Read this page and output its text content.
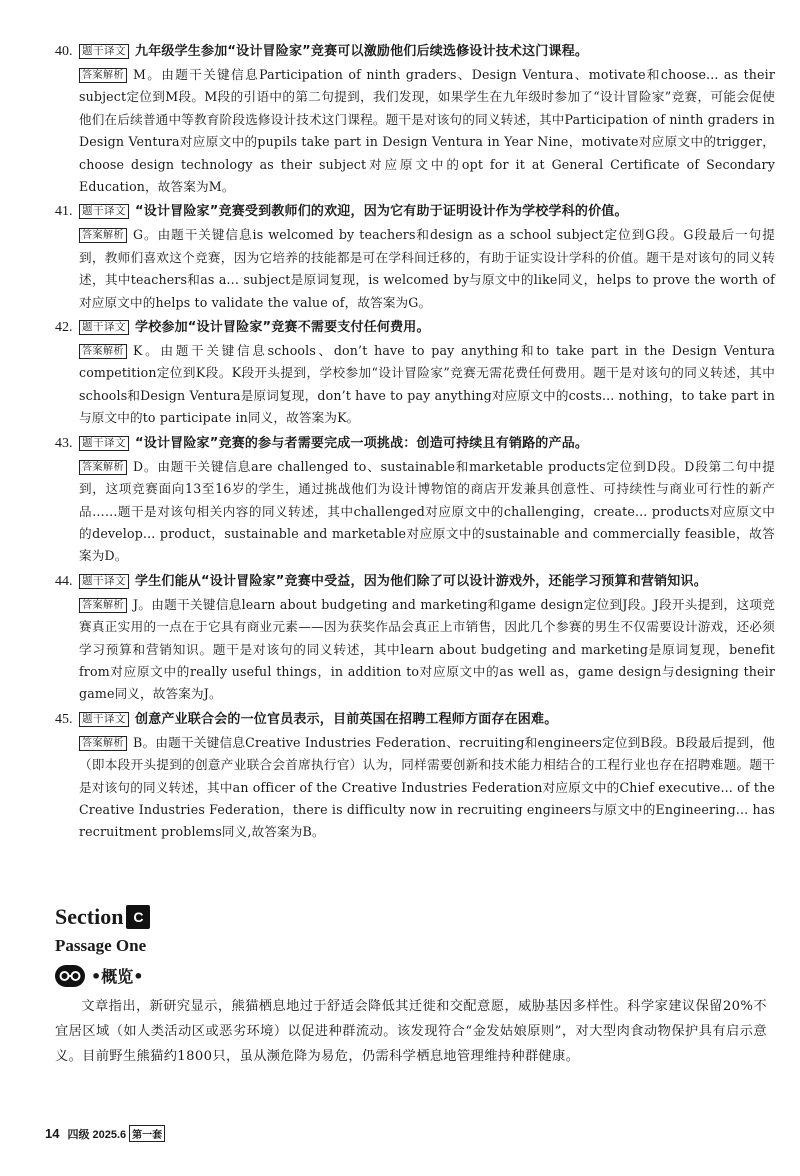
40. 题干译文 九年级学生参加“设计冒险家”竞赛可以激励他们后续选修设计技术这门课程。
答案解析 M。由题干关键信息Participation of ninth graders、Design Ventura、motivate和choose... as their subject定位到M段。M段的引语中的第二句提到，我们发现，如果学生在九年级时参加了“设计冒险家”竞赛，可能会促使他们在后续普通中等教育阶段选修设计技术这门课程。题干是对该句的同义转述，其中Participation of ninth graders in Design Ventura对应原文中的pupils take part in Design Ventura in Year Nine，motivate对应原文中的trigger，choose design technology as their subject对应原文中的opt for it at General Certificate of Secondary Education，故答案为M。
41. 题干译文 “设计冒险家”竞赛受到教师们的欢迎，因为它有助于证明设计作为学校学科的价值。
答案解析 G。由题干关键信息is welcomed by teachers和design as a school subject定位到G段。G段最后一句提到，教师们喜欢这个竞赛，因为它培养的技能都是可在学科间迁移的，有助于证实设计学科的价值。题干是对该句的同义转述，其中teachers和as a... subject是原词复现，is welcomed by与原文中的like同义，helps to prove the worth of对应原文中的helps to validate the value of，故答案为G。
42. 题干译文 学校参加“设计冒险家”竞赛不需要支付任何费用。
答案解析 K。由题干关键信息schools、don’t have to pay anything和to take part in the Design Ventura competition定位到K段。K段开头提到，学校参加“设计冒险家”竞赛无需花费任何费用。题干是对该句的同义转述，其中schools和Design Ventura是原词复现，don’t have to pay anything对应原文中的costs... nothing，to take part in与原文中的to participate in同义，故答案为K。
43. 题干译文 “设计冒险家”竞赛的参与者需要完成一项挑战：创造可持续且有销路的产品。
答案解析 D。由题干关键信息are challenged to、sustainable和marketable products定位到D段。D段第二句中提到，这项竞赛面向13至16岁的学生，通过挑战他们为设计博物馆的商店开发兼具创意性、可持续性与商业可行性的新产品……题干是对该句相关内容的同义转述，其中challenged对应原文中的challenging，create... products对应原文中的develop... product，sustainable and marketable对应原文中的sustainable and commercially feasible，故答案为D。
44. 题干译文 学生们能从“设计冒险家”竞赛中受益，因为他们除了可以设计游戏外，还能学习预算和营销知识。
答案解析 J。由题干关键信息learn about budgeting and marketing和game design定位到J段。J段开头提到，这项竞赛真正实用的一点在于它具有商业元素——因为获奖作品会真正上市销售，因此几个参赛的男生不仅需要设计游戏，还必须学习预算和营销知识。题干是对该句的同义转述，其中learn about budgeting and marketing是原词复现，benefit from对应原文中的really useful things，in addition to对应原文中的as well as，game design与designing their game同义，故答案为J。
45. 题干译文 创意产业联合会的一位官员表示，目前英国在招聘工程师方面存在困难。
答案解析 B。由题干关键信息Creative Industries Federation、recruiting和engineers定位到B段。B段最后提到，他（即本段开头提到的创意产业联合会首席执行官）认为，同样需要创新和技术能力相结合的工程行业也存在招聘难题。题干是对该句的同义转述，其中an officer of the Creative Industries Federation对应原文中的Chief executive... of the Creative Industries Federation，there is difficulty now in recruiting engineers与原文中的Engineering... has recruitment problems同义,故答案为B。
Section C
Passage One
•概览•
文章指出，新研究显示，熊猫栖息地过于舒适会降低其迁徙和交配意愿，威胁基因多样性。科学家建议保留20%不宜居区域（如人类活动区或恶劣环境）以促进种群流动。该发现符合“金发姑娘原则”，对大型肉食动物保护具有启示意义。目前野生熊猫约1800只，虽从濒危降为易危，仍需科学栖息地管理维持种群健康。
14 四级 2025.6 第一套
